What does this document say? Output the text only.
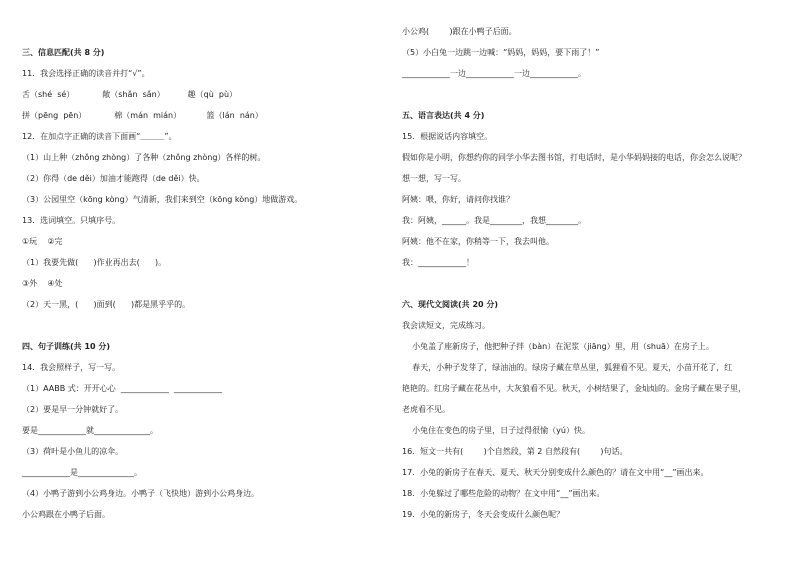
三、信息匹配(共 8 分)
11．我会选择正确的读音并打“√”。
舌（shé  sé）           敞（shǎn  sǎn）         趣（qù  pù）
拼（pēng  pēn）           棉（mán  mián）          篮（lán  nán）
12．在加点字正确的读音下面画“＿＿＿”。
（1）山上种（zhǒng zhòng）了各种（zhǒng zhòng）各样的树。
（2）你得（de děi）加油才能跑得（de děi）快。
（3）公园里空（kōng kòng）气清新，我们来到空（kōng kòng）地做游戏。
13．选词填空。只填序号。
①玩    ②完
（1）我要先做(      )作业再出去(      )。
③外    ④处
（2）天一黑，(      )面到(      )都是黑乎乎的。
四、句子训练(共 10 分)
14．我会照样子，写一写。
（1）AABB 式：开开心心  ____________  ____________
（2）要是早一分钟就好了。
要是____________就______________。
（3）荷叶是小鱼儿的凉伞。
____________是______________。
（4）小鸭子游到小公鸡身边。小鸭子（飞快地）游到小公鸡身边。
小公鸡跟在小鸭子后面。
小公鸡(        )跟在小鸭子后面。
（5）小白兔一边跳一边喊：“妈妈，妈妈，要下雨了！”
____________一边____________一边____________。
五、语言表达(共 4 分)
15．根据说话内容填空。
假如你是小明，你想约你的同学小华去图书馆，打电话时，是小华妈妈接的电话，你会怎么说呢？
想一想，写一写。
阿姨：喂，你好，请问你找谁？
我：阿姨，______。我是________，我想________。
阿姨：他不在家，你稍等一下，我去叫他。
我：____________！
六、现代文阅读(共 20 分)
我会读短文，完成练习。
小兔盖了座新房子，他把种子拌（bàn）在泥浆（jiāng）里，用（shuā）在房子上。
春天，小种子发芽了，绿油油的。绿房子藏在草丛里，狐狸看不见。夏天，小苗开花了，红
艳艳的。红房子藏在花丛中，大灰狼看不见。秋天，小树结果了，金灿灿的。金房子藏在果子里，
老虎看不见。
小兔住在变色的房子里，日子过得很愉（yú）快。
16．短文一共有(        )个自然段，第 2 自然段有(        )句话。
17．小兔的新房子在春天、夏天、秋天分别变成什么颜色的？请在文中用“__”画出来。
18．小兔躲过了哪些危险的动物？在文中用“__”画出来。
19．小兔的新房子，冬天会变成什么颜色呢？
